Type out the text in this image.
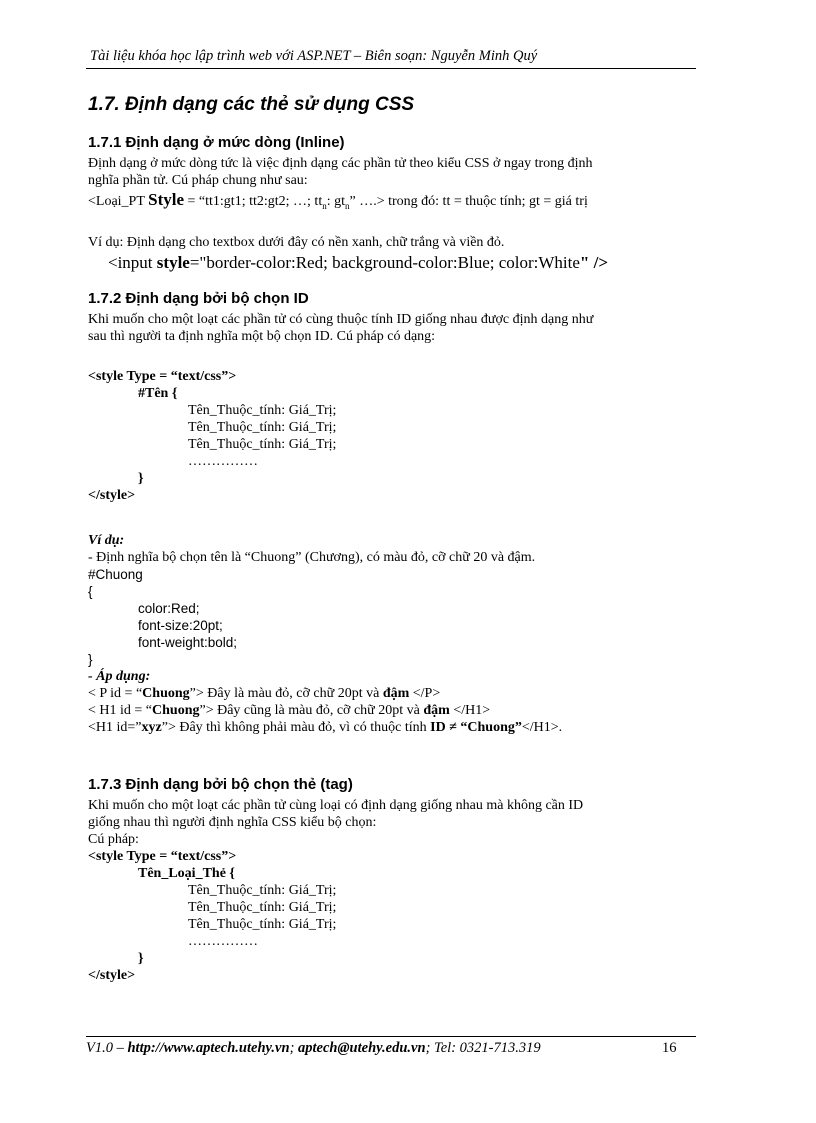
Tài liệu khóa học lập trình web với ASP.NET – Biên soạn: Nguyễn Minh Quý
1.7. Định dạng các thẻ sử dụng CSS
1.7.1 Định dạng ở mức dòng (Inline)
Định dạng ở mức dòng tức là việc định dạng các phần tử theo kiểu CSS ở ngay trong định
nghĩa phần tử. Cú pháp chung như sau:
<Loại_PT Style = “tt1:gt1; tt2:gt2; …; $tt_n$: $gt_n$” ….> trong đó: tt = thuộc tính; gt = giá trị
Ví dụ: Định dạng cho textbox dưới đây có nền xanh, chữ trắng và viền đỏ.
<input style="border-color:Red; background-color:Blue; color:White" />
1.7.2 Định dạng bởi bộ chọn ID
Khi muốn cho một loạt các phần tử có cùng thuộc tính ID giống nhau được định dạng như
sau thì người ta định nghĩa một bộ chọn ID. Cú pháp có dạng:
<style Type = “text/css”>
#Tên {
Tên_Thuộc_tính: Giá_Trị;
Tên_Thuộc_tính: Giá_Trị;
Tên_Thuộc_tính: Giá_Trị;
……………
}
</style>
Ví dụ:
- Định nghĩa bộ chọn tên là “Chuong” (Chương), có màu đỏ, cỡ chữ 20 và đậm.
#Chuong
{
color:Red;
font-size:20pt;
font-weight:bold;
}
- Áp dụng:
< P id = “Chuong”> Đây là màu đỏ, cỡ chữ 20pt và đậm </P>
< H1 id = “Chuong”> Đây cũng là màu đỏ, cỡ chữ 20pt và đậm </H1>
<H1 id=”xyz”> Đây thì không phải màu đỏ, vì có thuộc tính ID ≠ “Chuong”</H1>.
1.7.3 Định dạng bởi bộ chọn thẻ (tag)
Khi muốn cho một loạt các phần tử cùng loại có định dạng giống nhau mà không cần ID
giống nhau thì người định nghĩa CSS kiểu bộ chọn:
Cú pháp:
<style Type = “text/css”>
Tên_Loại_Thẻ {
Tên_Thuộc_tính: Giá_Trị;
Tên_Thuộc_tính: Giá_Trị;
Tên_Thuộc_tính: Giá_Trị;
……………
}
</style>
V1.0 – http://www.aptech.utehy.vn; aptech@utehy.edu.vn; Tel: 0321-713.319	16
